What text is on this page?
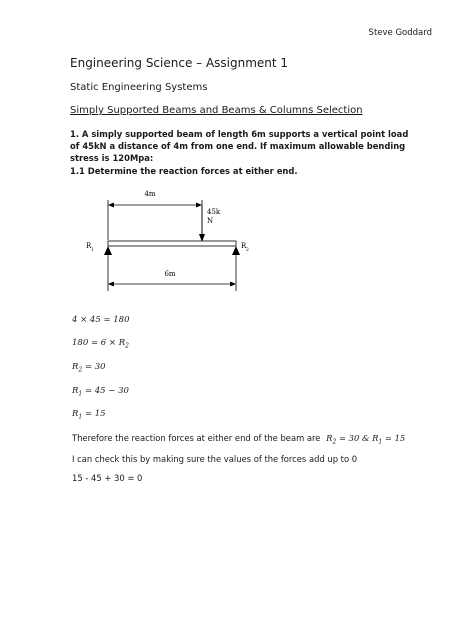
Steve Goddard
Engineering Science – Assignment 1
Static Engineering Systems
Simply Supported Beams and Beams & Columns Selection
1. A simply supported beam of length 6m supports a vertical point load of 45kN a distance of 4m from one end. If maximum allowable bending stress is 120Mpa:
1.1 Determine the reaction forces at either end.
4m
45k
N
R
1
R
2
6m
4 × 45 = 180
$180 = 6 \times R_2$
$R_2 = 30$
$R_1 = 45 - 30$
$R_1 = 15$
Therefore the reaction forces at either end of the beam are $R_2 = 30$ & $R_1 = 15$
I can check this by making sure the values of the forces add up to 0
15 - 45 + 30 = 0
